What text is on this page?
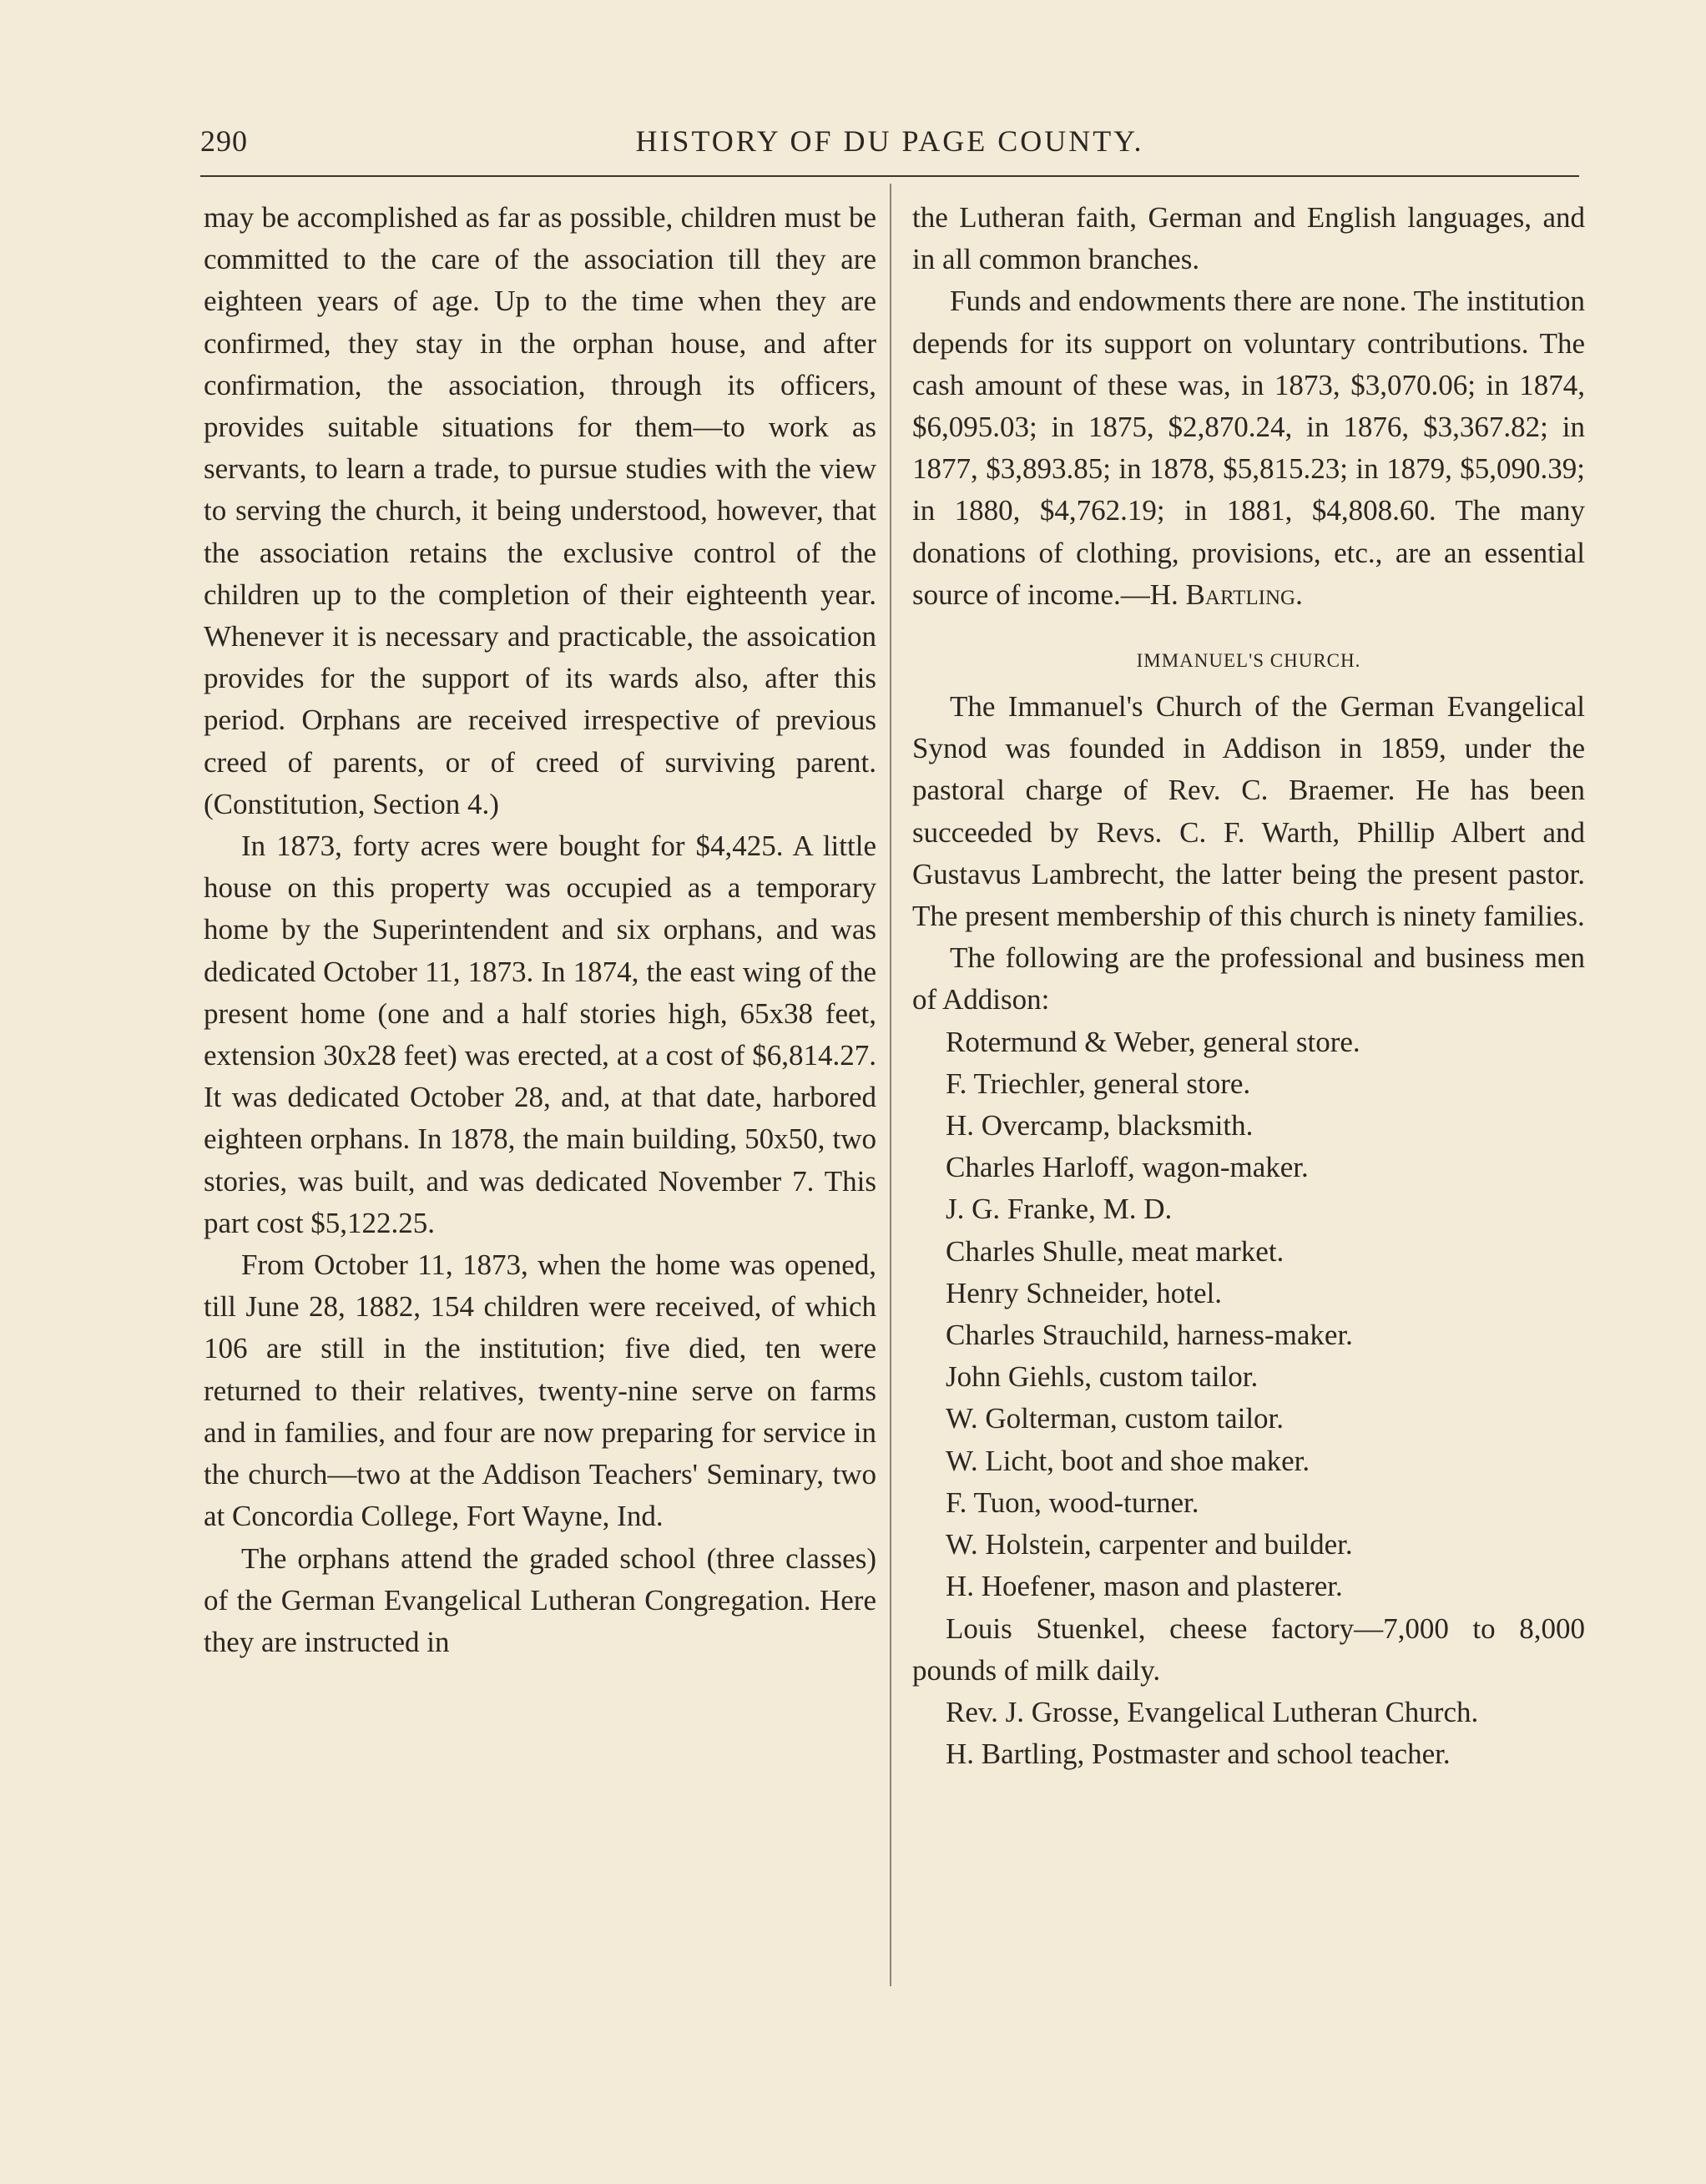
290	HISTORY OF DU PAGE COUNTY.

may be accomplished as far as possible, children must be committed to the care of the association till they are eighteen years of age. Up to the time when they are confirmed, they stay in the orphan house, and after confirmation, the association, through its officers, provides suitable situations for them—to work as servants, to learn a trade, to pursue studies with the view to serving the church, it being understood, however, that the association retains the exclusive control of the children up to the completion of their eighteenth year. Whenever it is necessary and practicable, the assoication provides for the support of its wards also, after this period. Orphans are received irrespective of previous creed of parents, or of creed of surviving parent. (Constitution, Section 4.)

In 1873, forty acres were bought for $4,425. A little house on this property was occupied as a temporary home by the Superintendent and six orphans, and was dedicated October 11, 1873. In 1874, the east wing of the present home (one and a half stories high, 65x38 feet, extension 30x28 feet) was erected, at a cost of $6,814.27. It was dedicated October 28, and, at that date, harbored eighteen orphans. In 1878, the main building, 50x50, two stories, was built, and was dedicated November 7. This part cost $5,122.25.

From October 11, 1873, when the home was opened, till June 28, 1882, 154 children were received, of which 106 are still in the institution; five died, ten were returned to their relatives, twenty-nine serve on farms and in families, and four are now preparing for service in the church—two at the Addison Teachers' Seminary, two at Concordia College, Fort Wayne, Ind.

The orphans attend the graded school (three classes) of the German Evangelical Lutheran Congregation. Here they are instructed in

the Lutheran faith, German and English languages, and in all common branches.

Funds and endowments there are none. The institution depends for its support on voluntary contributions. The cash amount of these was, in 1873, $3,070.06; in 1874, $6,095.03; in 1875, $2,870.24, in 1876, $3,367.82; in 1877, $3,893.85; in 1878, $5,815.23; in 1879, $5,090.39; in 1880, $4,762.19; in 1881, $4,808.60. The many donations of clothing, provisions, etc., are an essential source of income.—H. Bartling.

IMMANUEL'S CHURCH.

The Immanuel's Church of the German Evangelical Synod was founded in Addison in 1859, under the pastoral charge of Rev. C. Braemer. He has been succeeded by Revs. C. F. Warth, Phillip Albert and Gustavus Lambrecht, the latter being the present pastor. The present membership of this church is ninety families.

The following are the professional and business men of Addison:

Rotermund & Weber, general store.

F. Triechler, general store.

H. Overcamp, blacksmith.

Charles Harloff, wagon-maker.

J. G. Franke, M. D.

Charles Shulle, meat market.

Henry Schneider, hotel.

Charles Strauchild, harness-maker.

John Giehls, custom tailor.

W. Golterman, custom tailor.

W. Licht, boot and shoe maker.

F. Tuon, wood-turner.

W. Holstein, carpenter and builder.

H. Hoefener, mason and plasterer.

Louis Stuenkel, cheese factory—7,000 to 8,000 pounds of milk daily.

Rev. J. Grosse, Evangelical Lutheran Church.

H. Bartling, Postmaster and school teacher.
